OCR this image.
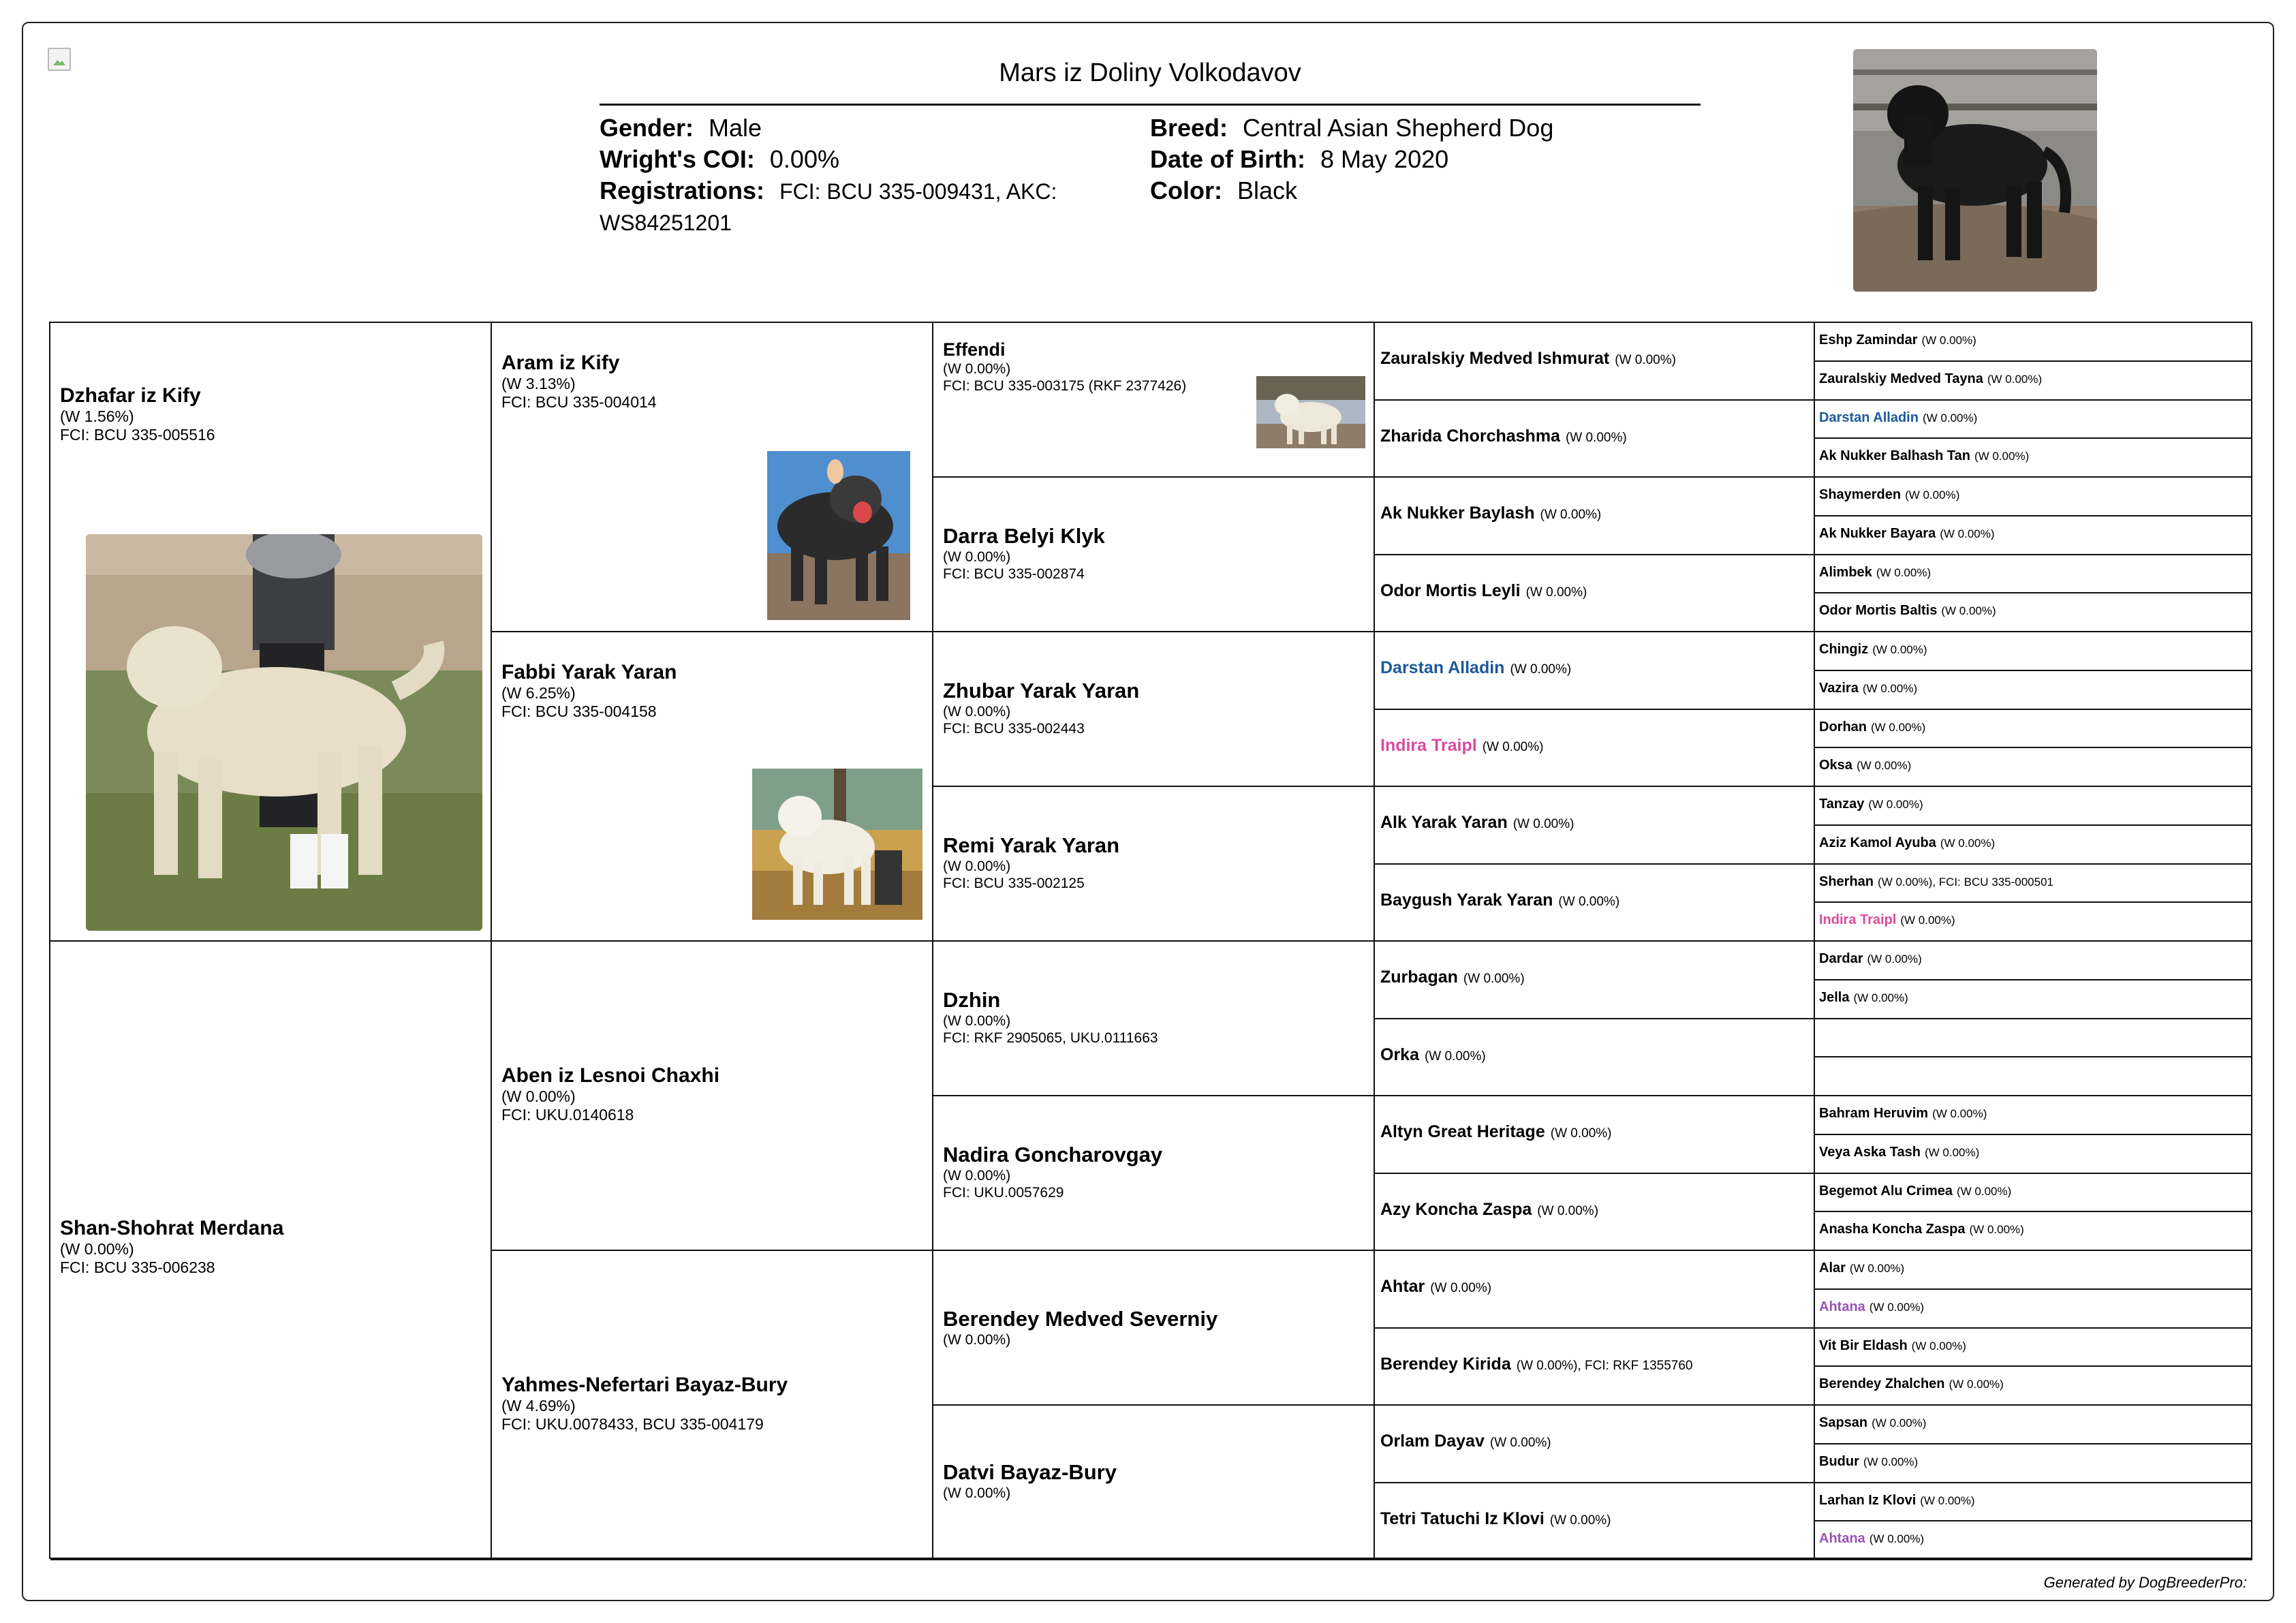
Mars iz Doliny Volkodavov
Gender: Male
Wright's COI: 0.00%
Registrations: FCI: BCU 335-009431, AKC:
WS84251201
Breed: Central Asian Shepherd Dog
Date of Birth: 8 May 2020
Color: Black
Dzhafar iz Kify
(W 1.56%)
FCI: BCU 335-005516
Shan-Shohrat Merdana
(W 0.00%)
FCI: BCU 335-006238
Aram iz Kify
(W 3.13%)
FCI: BCU 335-004014
Fabbi Yarak Yaran
(W 6.25%)
FCI: BCU 335-004158
Aben iz Lesnoi Chaxhi
(W 0.00%)
FCI: UKU.0140618
Yahmes-Nefertari Bayaz-Bury
(W 4.69%)
FCI: UKU.0078433, BCU 335-004179
Effendi
(W 0.00%)
FCI: BCU 335-003175 (RKF 2377426)
Darra Belyi Klyk
(W 0.00%)
FCI: BCU 335-002874
Zhubar Yarak Yaran
(W 0.00%)
FCI: BCU 335-002443
Remi Yarak Yaran
(W 0.00%)
FCI: BCU 335-002125
Dzhin
(W 0.00%)
FCI: RKF 2905065, UKU.0111663
Nadira Goncharovgay
(W 0.00%)
FCI: UKU.0057629
Berendey Medved Severniy
(W 0.00%)
Datvi Bayaz-Bury
(W 0.00%)
Zauralskiy Medved Ishmurat (W 0.00%)
Zharida Chorchashma (W 0.00%)
Ak Nukker Baylash (W 0.00%)
Odor Mortis Leyli (W 0.00%)
Darstan Alladin (W 0.00%)
Indira Traipl (W 0.00%)
Alk Yarak Yaran (W 0.00%)
Baygush Yarak Yaran (W 0.00%)
Zurbagan (W 0.00%)
Orka (W 0.00%)
Altyn Great Heritage (W 0.00%)
Azy Koncha Zaspa (W 0.00%)
Ahtar (W 0.00%)
Berendey Kirida (W 0.00%), FCI: RKF 1355760
Orlam Dayav (W 0.00%)
Tetri Tatuchi Iz Klovi (W 0.00%)
Eshp Zamindar (W 0.00%)
Zauralskiy Medved Tayna (W 0.00%)
Darstan Alladin (W 0.00%)
Ak Nukker Balhash Tan (W 0.00%)
Shaymerden (W 0.00%)
Ak Nukker Bayara (W 0.00%)
Alimbek (W 0.00%)
Odor Mortis Baltis (W 0.00%)
Chingiz (W 0.00%)
Vazira (W 0.00%)
Dorhan (W 0.00%)
Oksa (W 0.00%)
Tanzay (W 0.00%)
Aziz Kamol Ayuba (W 0.00%)
Sherhan (W 0.00%), FCI: BCU 335-000501
Indira Traipl (W 0.00%)
Dardar (W 0.00%)
Jella (W 0.00%)
Bahram Heruvim (W 0.00%)
Veya Aska Tash (W 0.00%)
Begemot Alu Crimea (W 0.00%)
Anasha Koncha Zaspa (W 0.00%)
Alar (W 0.00%)
Ahtana (W 0.00%)
Vit Bir Eldash (W 0.00%)
Berendey Zhalchen (W 0.00%)
Sapsan (W 0.00%)
Budur (W 0.00%)
Larhan Iz Klovi (W 0.00%)
Ahtana (W 0.00%)
Generated by DogBreederPro:
